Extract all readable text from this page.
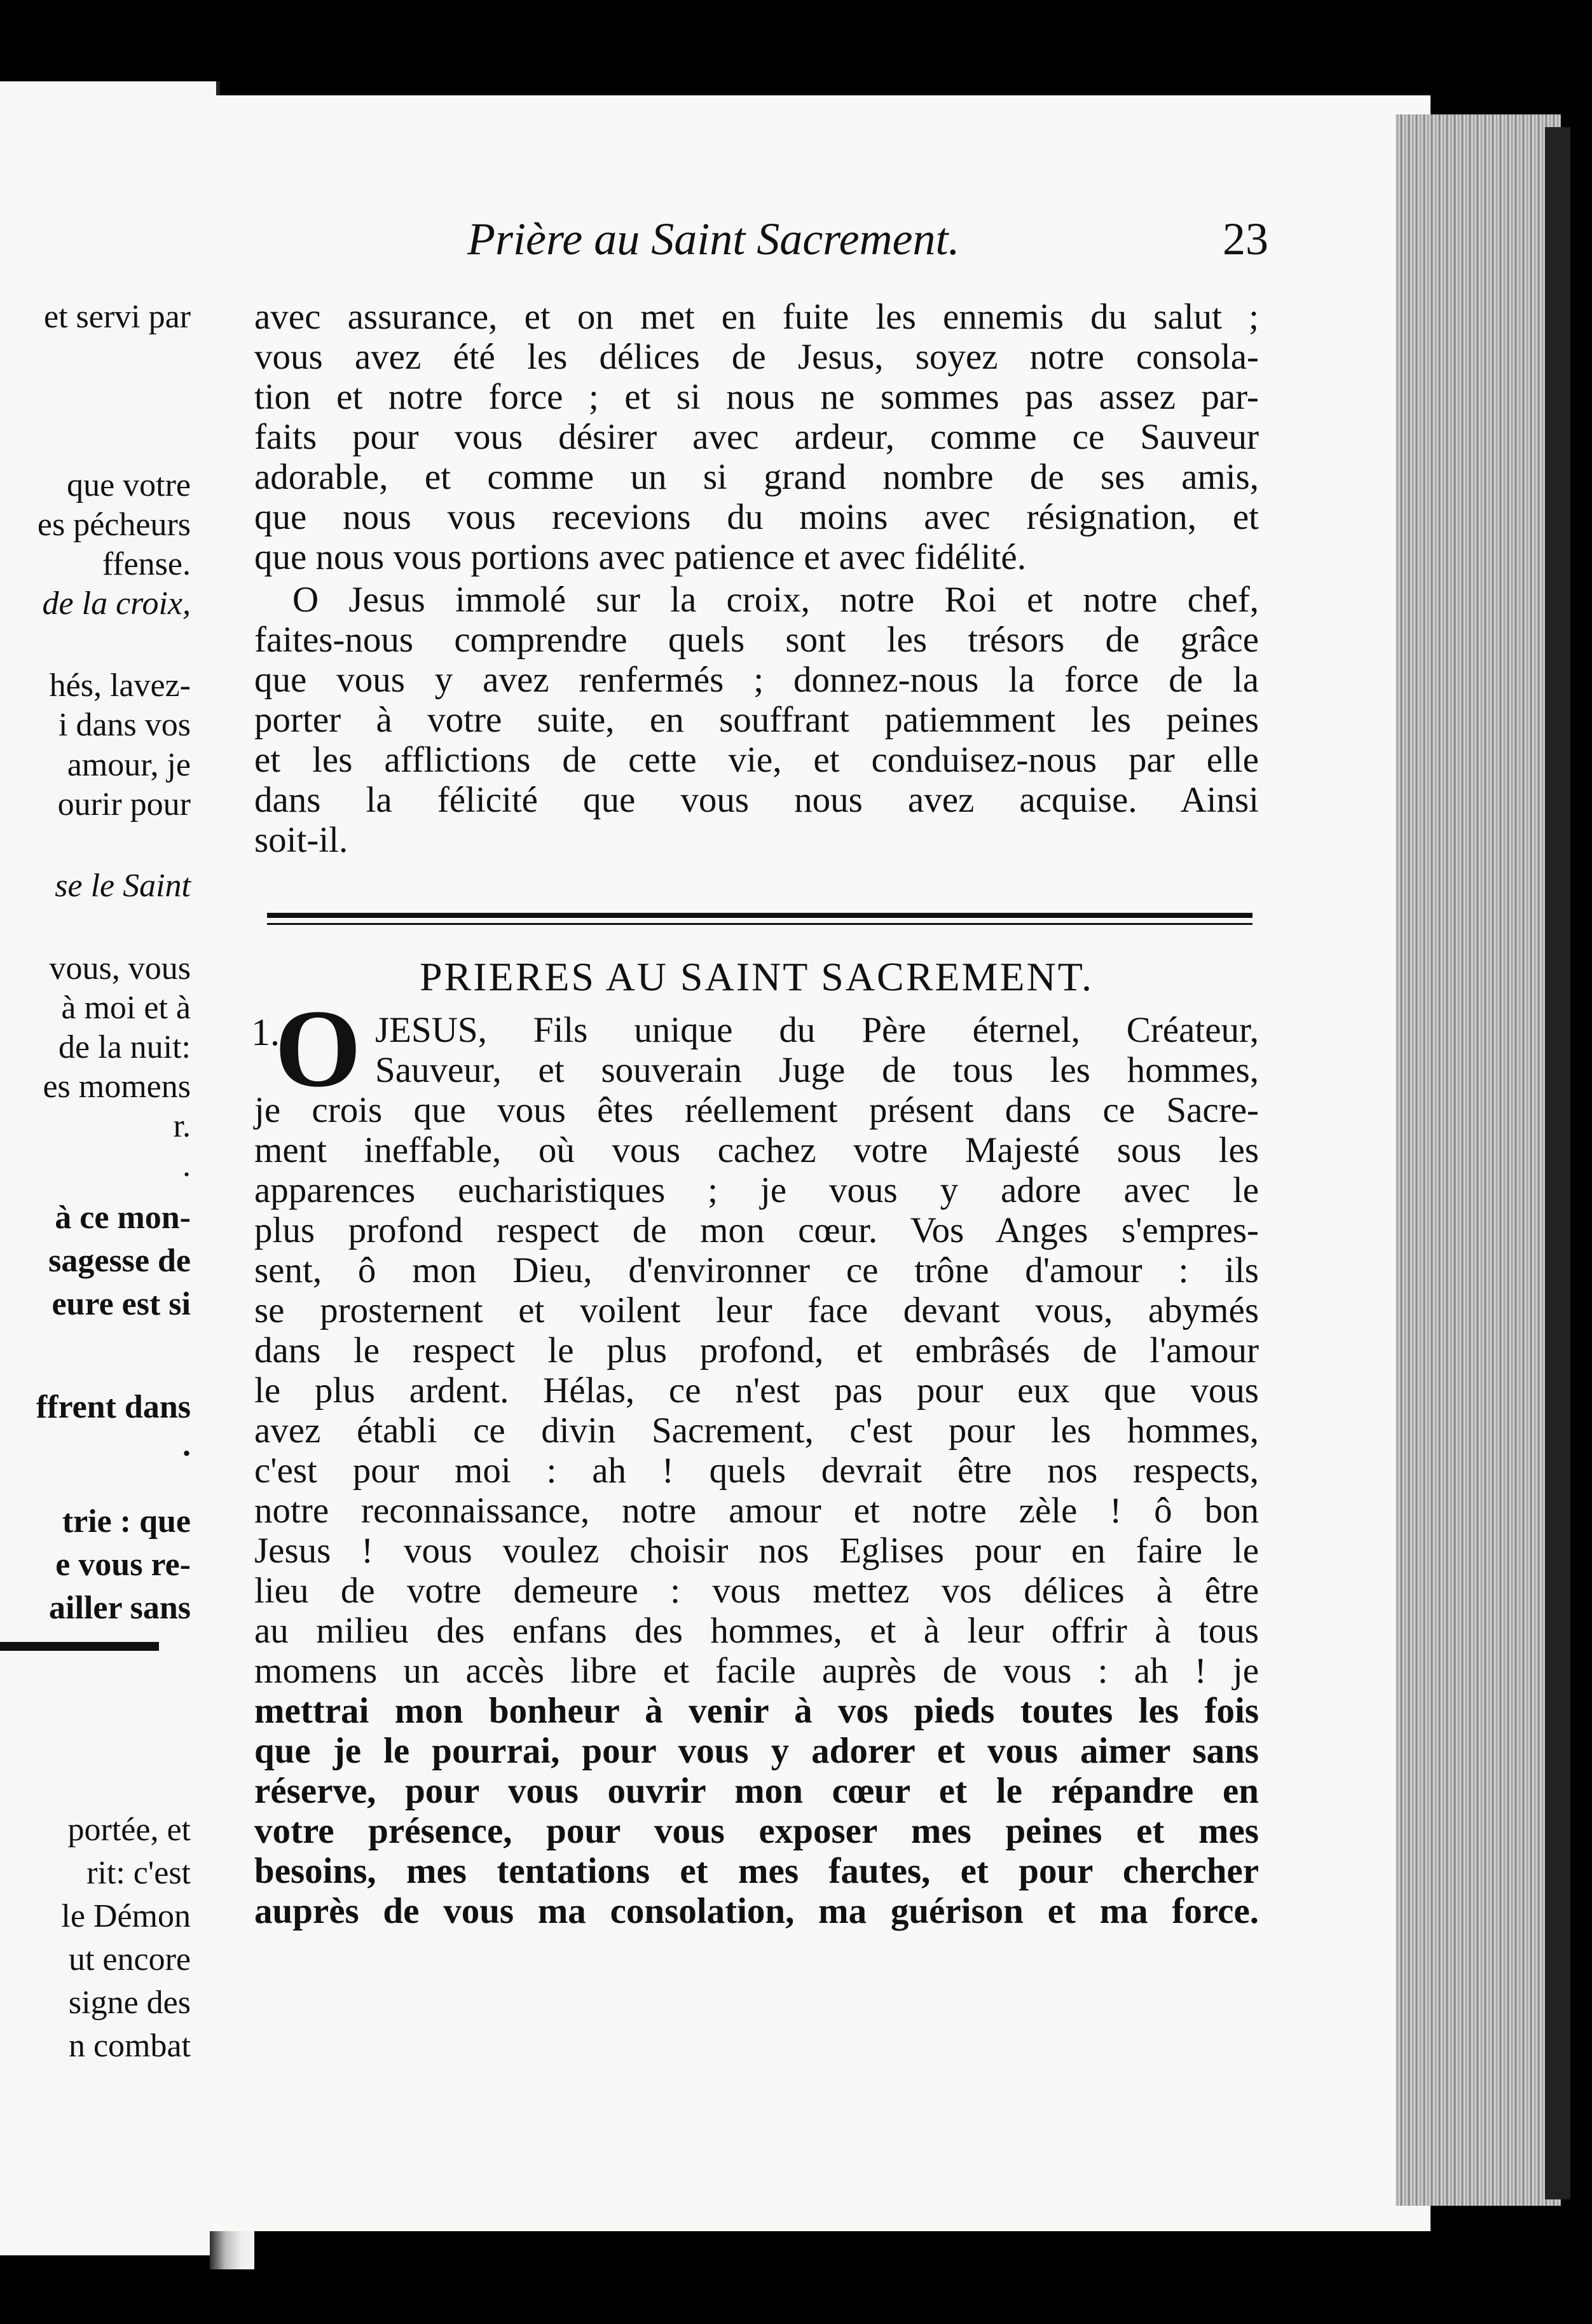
et servi par
que votre
es pécheurs
ffense.
de la croix,
hés, lavez-
i dans vos
amour, je
ourir pour
se le Saint
vous, vous
à moi et à
de la nuit:
es momens
r.
.
à ce mon-
sagesse de
eure est si
ffrent dans
.
trie : que
e vous re-
ailler sans
portée, et
rit: c'est
le Démon
ut encore
signe des
n combat
Prière au Saint Sacrement.	23
avec assurance, et on met en fuite les ennemis du salut ;
vous avez été les délices de Jesus, soyez notre consola-
tion et notre force ; et si nous ne sommes pas assez par-
faits pour vous désirer avec ardeur, comme ce Sauveur
adorable, et comme un si grand nombre de ses amis,
que nous vous recevions du moins avec résignation, et
que nous vous portions avec patience et avec fidélité.
O Jesus immolé sur la croix, notre Roi et notre chef,
faites-nous comprendre quels sont les trésors de grâce
que vous y avez renfermés ; donnez-nous la force de la
porter à votre suite, en souffrant patiemment les peines
et les afflictions de cette vie, et conduisez-nous par elle
dans la félicité que vous nous avez acquise. Ainsi
soit-il.
PRIERES AU SAINT SACREMENT.
1.
O JESUS, Fils unique du Père éternel, Créateur,
Sauveur, et souverain Juge de tous les hommes,
je crois que vous êtes réellement présent dans ce Sacre-
ment ineffable, où vous cachez votre Majesté sous les
apparences eucharistiques ; je vous y adore avec le
plus profond respect de mon cœur. Vos Anges s'empres-
sent, ô mon Dieu, d'environner ce trône d'amour : ils
se prosternent et voilent leur face devant vous, abymés
dans le respect le plus profond, et embrâsés de l'amour
le plus ardent. Hélas, ce n'est pas pour eux que vous
avez établi ce divin Sacrement, c'est pour les hommes,
c'est pour moi : ah ! quels devrait être nos respects,
notre reconnaissance, notre amour et notre zèle ! ô bon
Jesus ! vous voulez choisir nos Eglises pour en faire le
lieu de votre demeure : vous mettez vos délices à être
au milieu des enfans des hommes, et à leur offrir à tous
momens un accès libre et facile auprès de vous : ah ! je
mettrai mon bonheur à venir à vos pieds toutes les fois
que je le pourrai, pour vous y adorer et vous aimer sans
réserve, pour vous ouvrir mon cœur et le répandre en
votre présence, pour vous exposer mes peines et mes
besoins, mes tentations et mes fautes, et pour chercher
auprès de vous ma consolation, ma guérison et ma force.
